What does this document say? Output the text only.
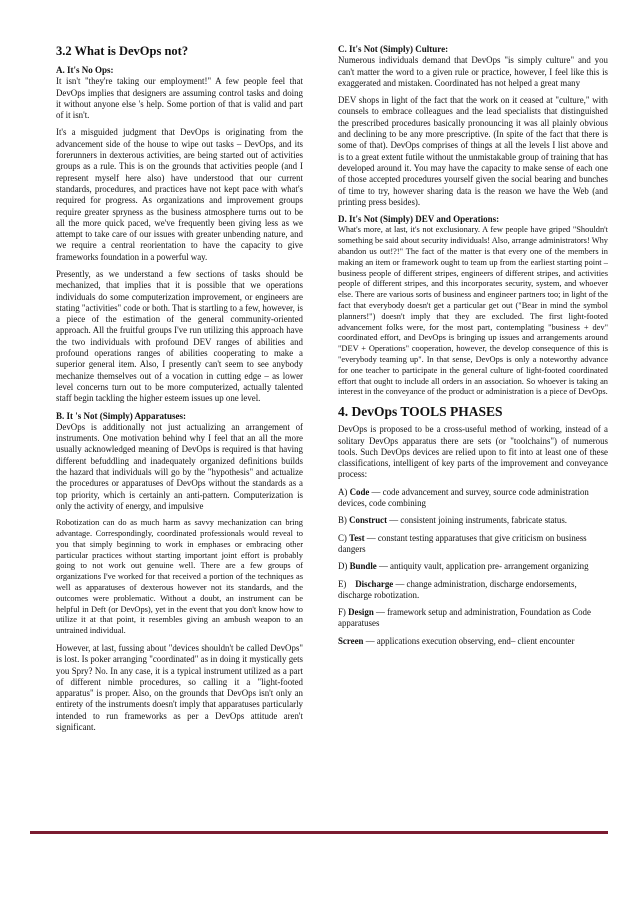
3.2 What is DevOps not?
A. It's No Ops:

It isn't "they're taking our employment!" A few people feel that DevOps implies that designers are assuming control tasks and doing it without anyone else 's help. Some portion of that is valid and part of it isn't.

It's a misguided judgment that DevOps is originating from the advancement side of the house to wipe out tasks – DevOps, and its forerunners in dexterous activities, are being started out of activities groups as a rule. This is on the grounds that activities people (and I represent myself here also) have understood that our current standards, procedures, and practices have not kept pace with what's required for progress. As organizations and improvement groups require greater spryness as the business atmosphere turns out to be all the more quick paced, we've frequently been giving less as we attempt to take care of our issues with greater unbending nature, and we require a central reorientation to have the capacity to give frameworks foundation in a powerful way.

Presently, as we understand a few sections of tasks should be mechanized, that implies that it is possible that we operations individuals do some computerization improvement, or engineers are stating "activities" code or both. That is startling to a few, however, is a piece of the estimation of the general community-oriented approach. All the fruitful groups I've run utilizing this approach have the two individuals with profound DEV ranges of abilities and profound operations ranges of abilities cooperating to make a superior general item. Also, I presently can't seem to see anybody mechanize themselves out of a vocation in cutting edge – as lower level concerns turn out to be more computerized, actually talented staff begin tackling the higher esteem issues up one level.

B. It 's Not (Simply) Apparatuses:

DevOps is additionally not just actualizing an arrangement of instruments. One motivation behind why I feel that an all the more usually acknowledged meaning of DevOps is required is that having different befuddling and inadequately organized definitions builds the hazard that individuals will go by the "hypothesis" and actualize the procedures or apparatuses of DevOps without the standards as a top priority, which is certainly an anti-pattern. Computerization is only the activity of energy, and impulsive

Robotization can do as much harm as savvy mechanization can bring advantage. Correspondingly, coordinated professionals would reveal to you that simply beginning to work in emphases or embracing other particular practices without starting important joint effort is probably going to not work out genuine well. There are a few groups of organizations I've worked for that received a portion of the techniques as well as apparatuses of dexterous however not its standards, and the outcomes were problematic. Without a doubt, an instrument can be helpful in Deft (or DevOps), yet in the event that you don't know how to utilize it at that point, it resembles giving an ambush weapon to an untrained individual.

However, at last, fussing about "devices shouldn't be called DevOps" is lost. Is poker arranging "coordinated" as in doing it mystically gets you Spry? No. In any case, it is a typical instrument utilized as a part of different nimble procedures, so calling it a "light-footed apparatus" is proper. Also, on the grounds that DevOps isn't only an entirety of the instruments doesn't imply that apparatuses particularly intended to run frameworks as per a DevOps attitude aren't significant.

C. It's Not (Simply) Culture:

Numerous individuals demand that DevOps "is simply culture" and you can't matter the word to a given rule or practice, however, I feel like this is exaggerated and mistaken. Coordinated has not helped a great many

DEV shops in light of the fact that the work on it ceased at "culture," with counsels to embrace colleagues and the lead specialists that distinguished the prescribed procedures basically pronouncing it was all plainly obvious and declining to be any more prescriptive. (In spite of the fact that there is some of that). DevOps comprises of things at all the levels I list above and is to a great extent futile without the unmistakable group of training that has developed around it. You may have the capacity to make sense of each one of those accepted procedures yourself given the social bearing and bunches of time to try, however sharing data is the reason we have the Web (and printing press besides).

D. It's Not (Simply) DEV and Operations:

What's more, at last, it's not exclusionary. A few people have griped "Shouldn't something be said about security individuals! Also, arrange administrators! Why abandon us out!?!" The fact of the matter is that every one of the members in making an item or framework ought to team up from the earliest starting point – business people of different stripes, engineers of different stripes, and activities people of different stripes, and this incorporates security, system, and whoever else. There are various sorts of business and engineer partners too; in light of the fact that everybody doesn't get a particular get out ("Bear in mind the symbol planners!") doesn't imply that they are excluded. The first light-footed advancement folks were, for the most part, contemplating "business + dev" coordinated effort, and DevOps is bringing up issues and arrangements around "DEV + Operations" cooperation, however, the develop consequence of this is "everybody teaming up". In that sense, DevOps is only a noteworthy advance for one teacher to participate in the general culture of light-footed coordinated effort that ought to include all orders in an association. So whoever is taking an interest in the conveyance of the product or administration is a piece of DevOps.

4. DevOps TOOLS PHASES

DevOps is proposed to be a cross-useful method of working, instead of a solitary DevOps apparatus there are sets (or "toolchains") of numerous tools. Such DevOps devices are relied upon to fit into at least one of these classifications, intelligent of key parts of the improvement and conveyance process:

A) Code — code advancement and survey, source code administration devices, code combining
B) Construct — consistent joining instruments, fabricate status.
C) Test — constant testing apparatuses that give criticism on business dangers
D) Bundle — antiquity vault, application pre- arrangement organizing
E)    Discharge — change administration, discharge endorsements, discharge robotization.
F) Design — framework setup and administration, Foundation as Code apparatuses
Screen — applications execution observing, end– client encounter
